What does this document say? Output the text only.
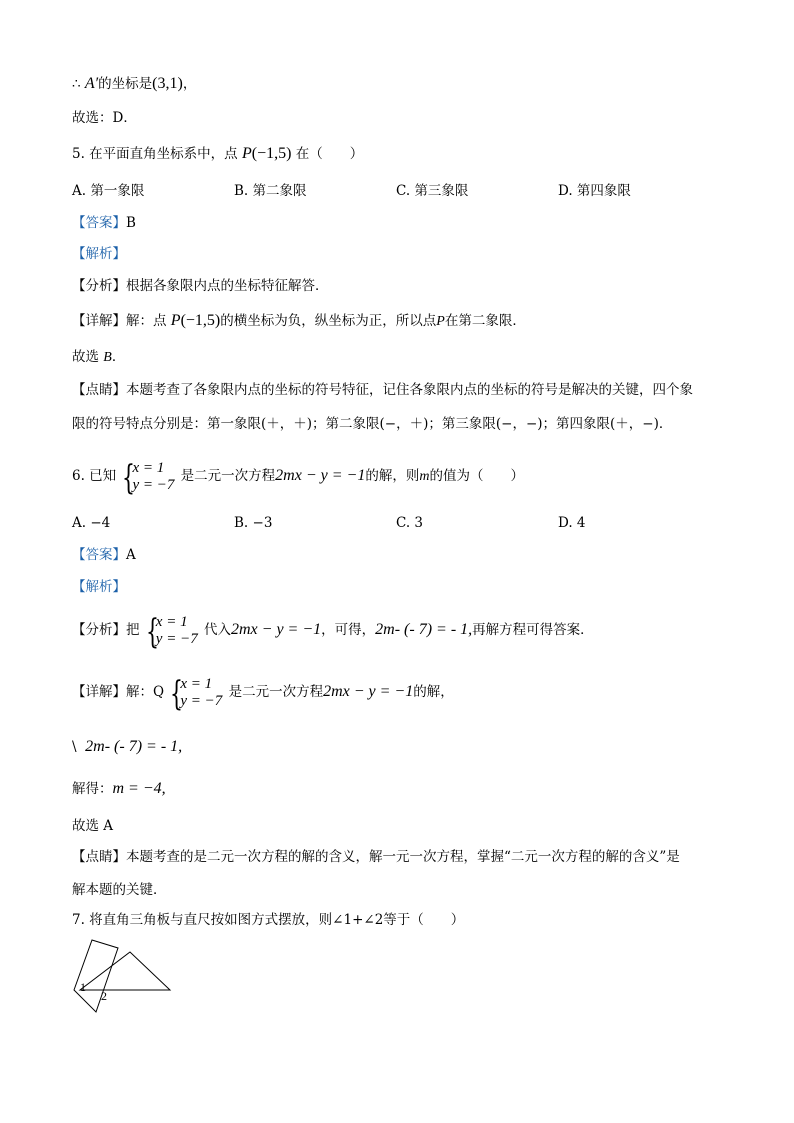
∴ A′的坐标是(3,1)，
故选：D．
5. 在平面直角坐标系中，点 P(−1,5) 在（　　）
A. 第一象限	B. 第二象限	C. 第三象限	D. 第四象限
【答案】B
【解析】
【分析】根据各象限内点的坐标特征解答．
【详解】解：点 P(−1,5)的横坐标为负，纵坐标为正，所以点P在第二象限．
故选 B．
【点睛】本题考查了各象限内点的坐标的符号特征，记住各象限内点的坐标的符号是解决的关键，四个象
限的符号特点分别是：第一象限(＋，＋)；第二象限(−，＋)；第三象限(−，−)；第四象限(＋，−)．
6. 已知 {
x = 1
y = −7
是二元一次方程2mx − y = −1的解，则m的值为（　　）
A. −4	B. −3	C. 3	D. 4
【答案】A
【解析】
【分析】把 {
x = 1
y = −7
代入2mx − y = −1，可得，2m- (- 7) = - 1,再解方程可得答案．
【详解】解：Q {
x = 1
y = −7
是二元一次方程2mx − y = −1的解，
\ 2m- (- 7) = - 1,
解得：m = −4,
故选 A
【点睛】本题考查的是二元一次方程的解的含义，解一元一次方程，掌握“二元一次方程的解的含义”是
解本题的关键．
7. 将直角三角板与直尺按如图方式摆放，则∠1+∠2等于（　　）
1
2
